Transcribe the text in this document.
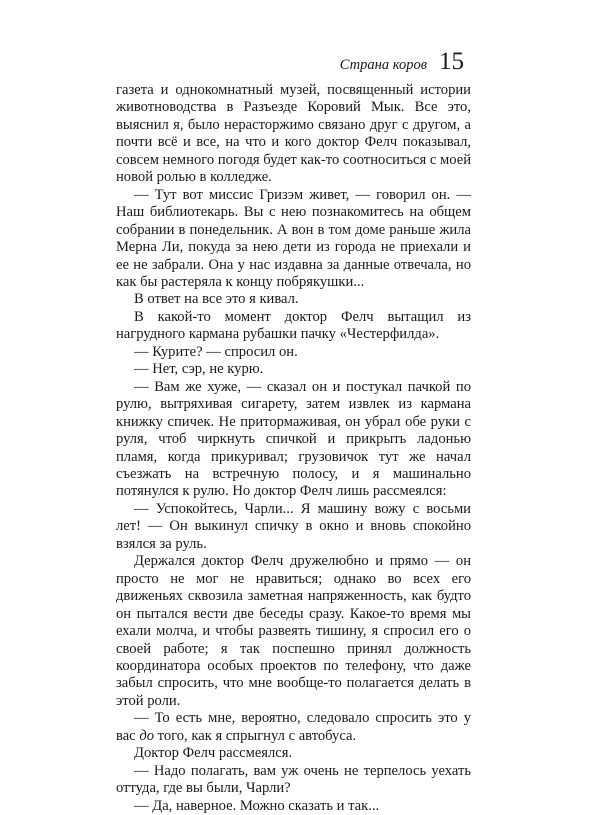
Страна коров 15

газета и однокомнатный музей, посвященный истории животноводства в Разъезде Коровий Мык. Все это, выяснил я, было нерасторжимо связано друг с другом, а почти всё и все, на что и кого доктор Фелч показывал, совсем немного погодя будет как-то соотноситься с моей новой ролью в колледже.

— Тут вот миссис Гризэм живет, — говорил он. — Наш библиотекарь. Вы с нею познакомитесь на общем собрании в понедельник. А вон в том доме раньше жила Мерна Ли, покуда за нею дети из города не приехали и ее не забрали. Она у нас издавна за данные отвечала, но как бы растеряла к концу побрякушки...

В ответ на все это я кивал.

В какой-то момент доктор Фелч вытащил из нагрудного кармана рубашки пачку «Честерфилда».

— Курите? — спросил он.

— Нет, сэр, не курю.

— Вам же хуже, — сказал он и постукал пачкой по рулю, вытряхивая сигарету, затем извлек из кармана книжку спичек. Не притормаживая, он убрал обе руки с руля, чтоб чиркнуть спичкой и прикрыть ладонью пламя, когда прикуривал; грузовичок тут же начал съезжать на встречную полосу, и я машинально потянулся к рулю. Но доктор Фелч лишь рассмеялся:

— Успокойтесь, Чарли... Я машину вожу с восьми лет! — Он выкинул спичку в окно и вновь спокойно взялся за руль.

Держался доктор Фелч дружелюбно и прямо — он просто не мог не нравиться; однако во всех его движеньях сквозила заметная напряженность, как будто он пытался вести две беседы сразу. Какое-то время мы ехали молча, и чтобы развеять тишину, я спросил его о своей работе; я так поспешно принял должность координатора особых проектов по телефону, что даже забыл спросить, что мне вообще-то полагается делать в этой роли.

— То есть мне, вероятно, следовало спросить это у вас до того, как я спрыгнул с автобуса.

Доктор Фелч рассмеялся.

— Надо полагать, вам уж очень не терпелось уехать оттуда, где вы были, Чарли?

— Да, наверное. Можно сказать и так...
